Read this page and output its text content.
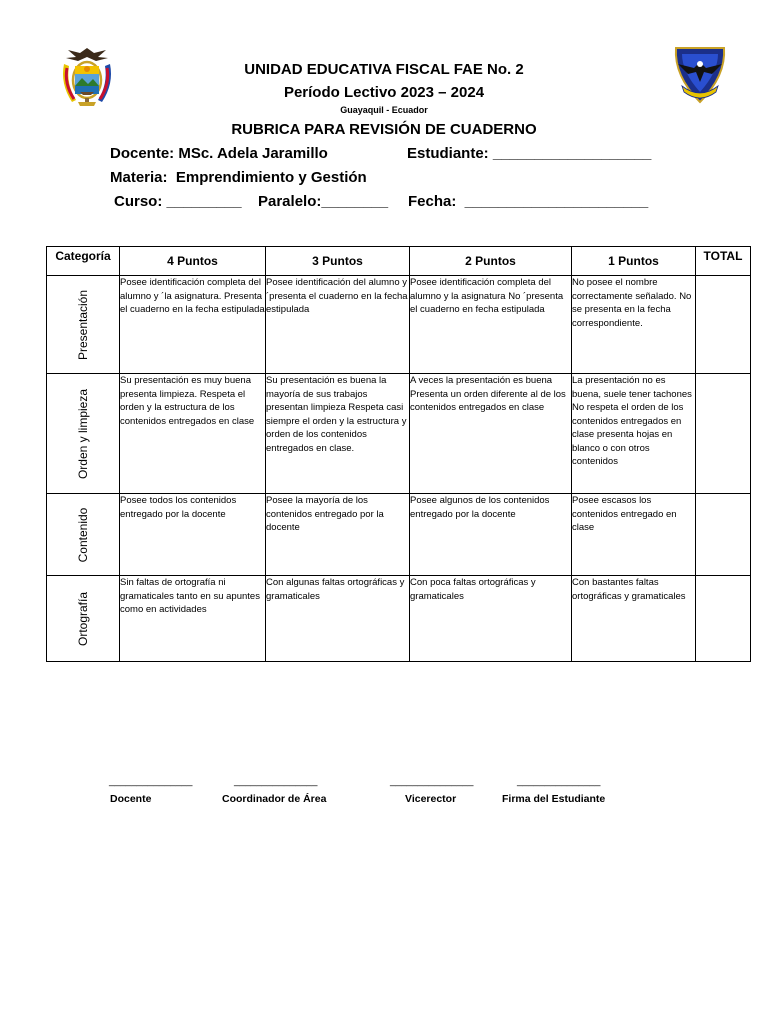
UNIDAD EDUCATIVA FISCAL FAE No. 2
Período Lectivo 2023 – 2024
Guayaquil - Ecuador
RUBRICA PARA REVISIÓN DE CUADERNO
Docente: MSc. Adela Jaramillo	Estudiante: ___________________
Materia:  Emprendimiento y Gestión
Curso: _________ Paralelo:________ Fecha:  ______________________
Categoría	4 Puntos	3 Puntos	2 Puntos	1 Puntos	TOTAL

Presentación	Posee identificación completa del alumno y ´la asignatura. Presenta el cuaderno en la fecha estipulada	Posee identificación del alumno y ´presenta el cuaderno en la fecha estipulada	Posee identificación completa del alumno y la asignatura No ´presenta el cuaderno en fecha estipulada	No posee el nombre correctamente señalado. No se presenta en la fecha correspondiente.	

Orden y limpieza	Su presentación es muy buena presenta limpieza. Respeta el orden y la estructura de los contenidos entregados en clase	Su presentación es buena la mayoría de sus trabajos presentan limpieza Respeta casi siempre el orden y la estructura y orden de los contenidos entregados en clase.	A veces la presentación es buena Presenta un orden diferente al de los contenidos entregados en clase	La presentación no es buena, suele tener tachones No respeta el orden de los contenidos entregados en clase presenta hojas en blanco o con otros contenidos	

Contenido	Posee todos los contenidos entregado por la docente	Posee la mayoría de los contenidos entregado por la docente	Posee algunos de los contenidos entregado por la docente	Posee escasos los contenidos entregado en clase	

Ortografía	Sin faltas de ortografía ni gramaticales tanto en su apuntes como en actividades	Con algunas faltas ortográficas y gramaticales	Con poca faltas ortográficas y gramaticales	Con bastantes faltas ortográficas y gramaticales	
_______________	_______________	_______________	_______________
Docente	Coordinador de Área	Vicerector	Firma del Estudiante
